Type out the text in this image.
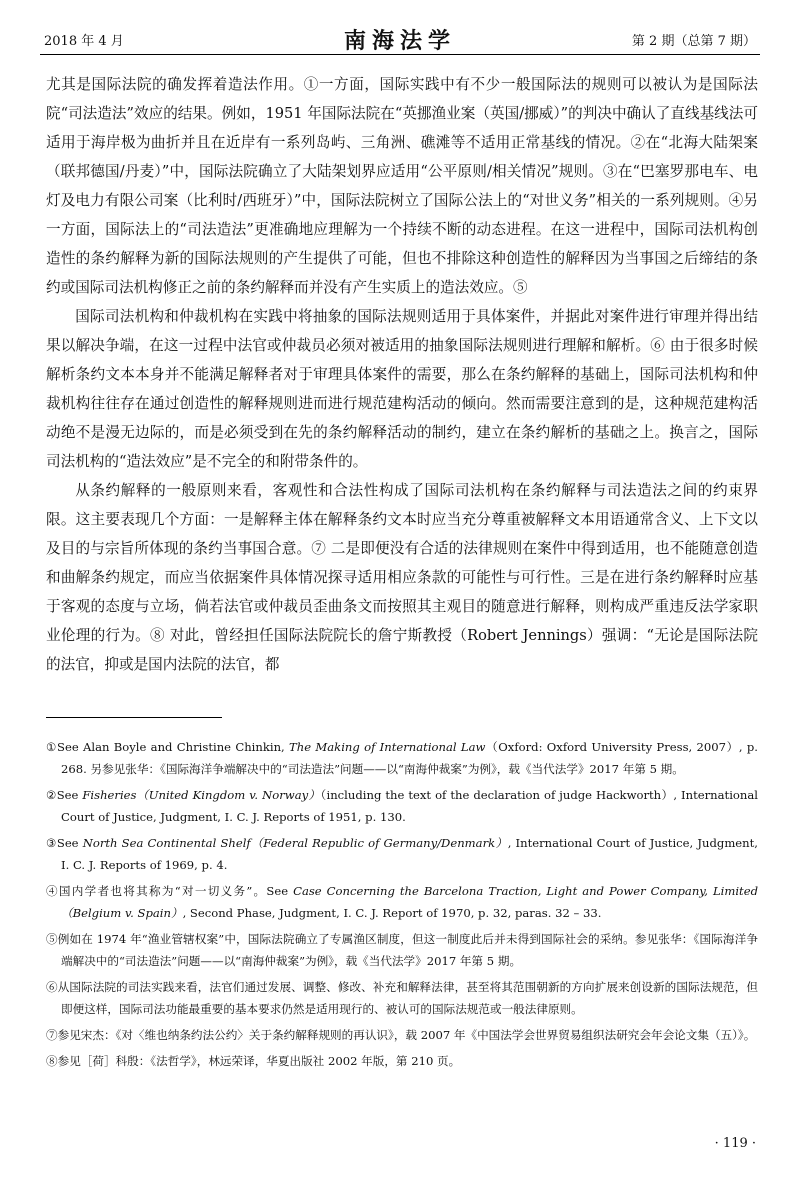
2018 年 4 月	南海法学	第 2 期（总第 7 期）

尤其是国际法院的确发挥着造法作用。①一方面，国际实践中有不少一般国际法的规则可以被认为是国际法院“司法造法”效应的结果。例如，1951 年国际法院在“英挪渔业案（英国/挪威）”的判决中确认了直线基线法可适用于海岸极为曲折并且在近岸有一系列岛屿、三角洲、礁滩等不适用正常基线的情况。②在“北海大陆架案（联邦德国/丹麦）”中，国际法院确立了大陆架划界应适用“公平原则/相关情况”规则。③在“巴塞罗那电车、电灯及电力有限公司案（比利时/西班牙）”中，国际法院树立了国际公法上的“对世义务”相关的一系列规则。④另一方面，国际法上的“司法造法”更准确地应理解为一个持续不断的动态进程。在这一进程中，国际司法机构创造性的条约解释为新的国际法规则的产生提供了可能，但也不排除这种创造性的解释因为当事国之后缔结的条约或国际司法机构修正之前的条约解释而并没有产生实质上的造法效应。⑤

国际司法机构和仲裁机构在实践中将抽象的国际法规则适用于具体案件，并据此对案件进行审理并得出结果以解决争端，在这一过程中法官或仲裁员必须对被适用的抽象国际法规则进行理解和解析。⑥ 由于很多时候解析条约文本本身并不能满足解释者对于审理具体案件的需要，那么在条约解释的基础上，国际司法机构和仲裁机构往往存在通过创造性的解释规则进而进行规范建构活动的倾向。然而需要注意到的是，这种规范建构活动绝不是漫无边际的，而是必须受到在先的条约解释活动的制约，建立在条约解析的基础之上。换言之，国际司法机构的“造法效应”是不完全的和附带条件的。

从条约解释的一般原则来看，客观性和合法性构成了国际司法机构在条约解释与司法造法之间的约束界限。这主要表现几个方面：一是解释主体在解释条约文本时应当充分尊重被解释文本用语通常含义、上下文以及目的与宗旨所体现的条约当事国合意。⑦ 二是即便没有合适的法律规则在案件中得到适用，也不能随意创造和曲解条约规定，而应当依据案件具体情况探寻适用相应条款的可能性与可行性。三是在进行条约解释时应基于客观的态度与立场，倘若法官或仲裁员歪曲条文而按照其主观目的随意进行解释，则构成严重违反法学家职业伦理的行为。⑧ 对此，曾经担任国际法院院长的詹宁斯教授（Robert Jennings）强调：“无论是国际法院的法官，抑或是国内法院的法官，都

①See Alan Boyle and Christine Chinkin, The Making of International Law（Oxford: Oxford University Press, 2007）, p. 268. 另参见张华：《国际海洋争端解决中的“司法造法”问题——以“南海仲裁案”为例》，载《当代法学》2017 年第 5 期。

②See Fisheries（United Kingdom v. Norway）（including the text of the declaration of judge Hackworth）, International Court of Justice, Judgment, I. C. J. Reports of 1951, p. 130.

③See North Sea Continental Shelf（Federal Republic of Germany/Denmark）, International Court of Justice, Judgment, I. C. J. Reports of 1969, p. 4.

④国内学者也将其称为“对一切义务”。See Case Concerning the Barcelona Traction, Light and Power Company, Limited（Belgium v. Spain）, Second Phase, Judgment, I. C. J. Report of 1970, p. 32, paras. 32 – 33.

⑤例如在 1974 年“渔业管辖权案”中，国际法院确立了专属渔区制度，但这一制度此后并未得到国际社会的采纳。参见张华：《国际海洋争端解决中的“司法造法”问题——以“南海仲裁案”为例》，载《当代法学》2017 年第 5 期。

⑥从国际法院的司法实践来看，法官们通过发展、调整、修改、补充和解释法律，甚至将其范围朝新的方向扩展来创设新的国际法规范，但即便这样，国际司法功能最重要的基本要求仍然是适用现行的、被认可的国际法规范或一般法律原则。

⑦参见宋杰：《对〈维也纳条约法公约〉关于条约解释规则的再认识》，载 2007 年《中国法学会世界贸易组织法研究会年会论文集（五）》。

⑧参见［荷］科殷：《法哲学》，林远荣译，华夏出版社 2002 年版，第 210 页。

· 119 ·
